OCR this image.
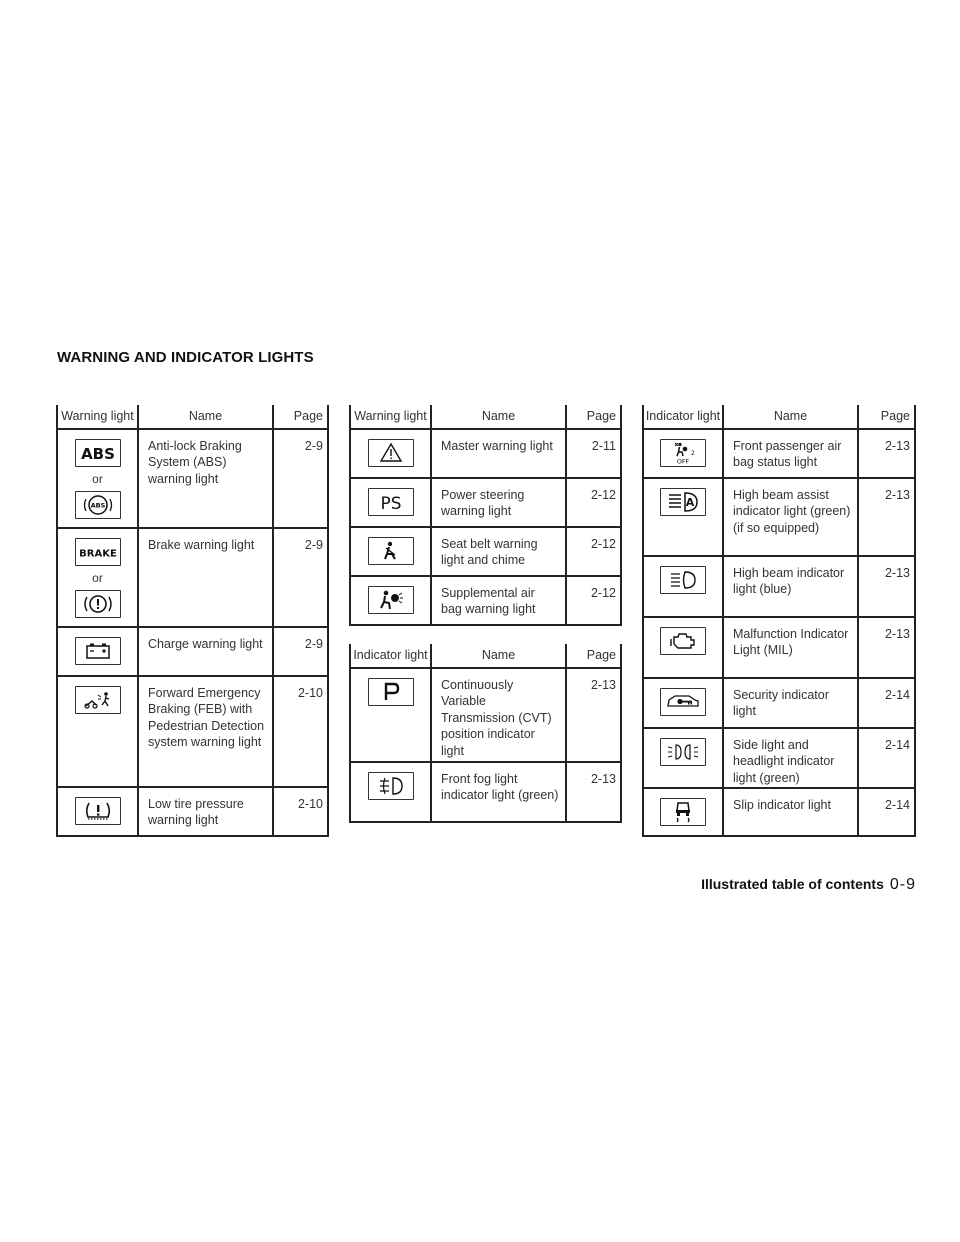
WARNING AND INDICATOR LIGHTS
Warning light	Name	Page

ABS
or
ABS	Anti-lock Braking System (ABS) warning light	2-9

BRAKE
or	Brake warning light	2-9

	Charge warning light	2-9

	Forward Emergency Braking (FEB) with Pedestrian Detection system warning light	2-10

	Low tire pressure warning light	2-10
Warning light	Name	Page

	Master warning light	2-11

PS	Power steering warning light	2-12

	Seat belt warning light and chime	2-12

	Supplemental air bag warning light	2-12
Indicator light	Name	Page

	Continuously Variable Transmission (CVT) position indicator light	2-13

	Front fog light indicator light (green)	2-13
Indicator light	Name	Page

2
OFF	Front passenger air bag status light	2-13

A	High beam assist indicator light (green) (if so equipped)	2-13

	High beam indicator light (blue)	2-13

	Malfunction Indicator Light (MIL)	2-13

	Security indicator light	2-14

	Side light and headlight indicator light (green)	2-14

	Slip indicator light	2-14
Illustrated table of contents 0-9
